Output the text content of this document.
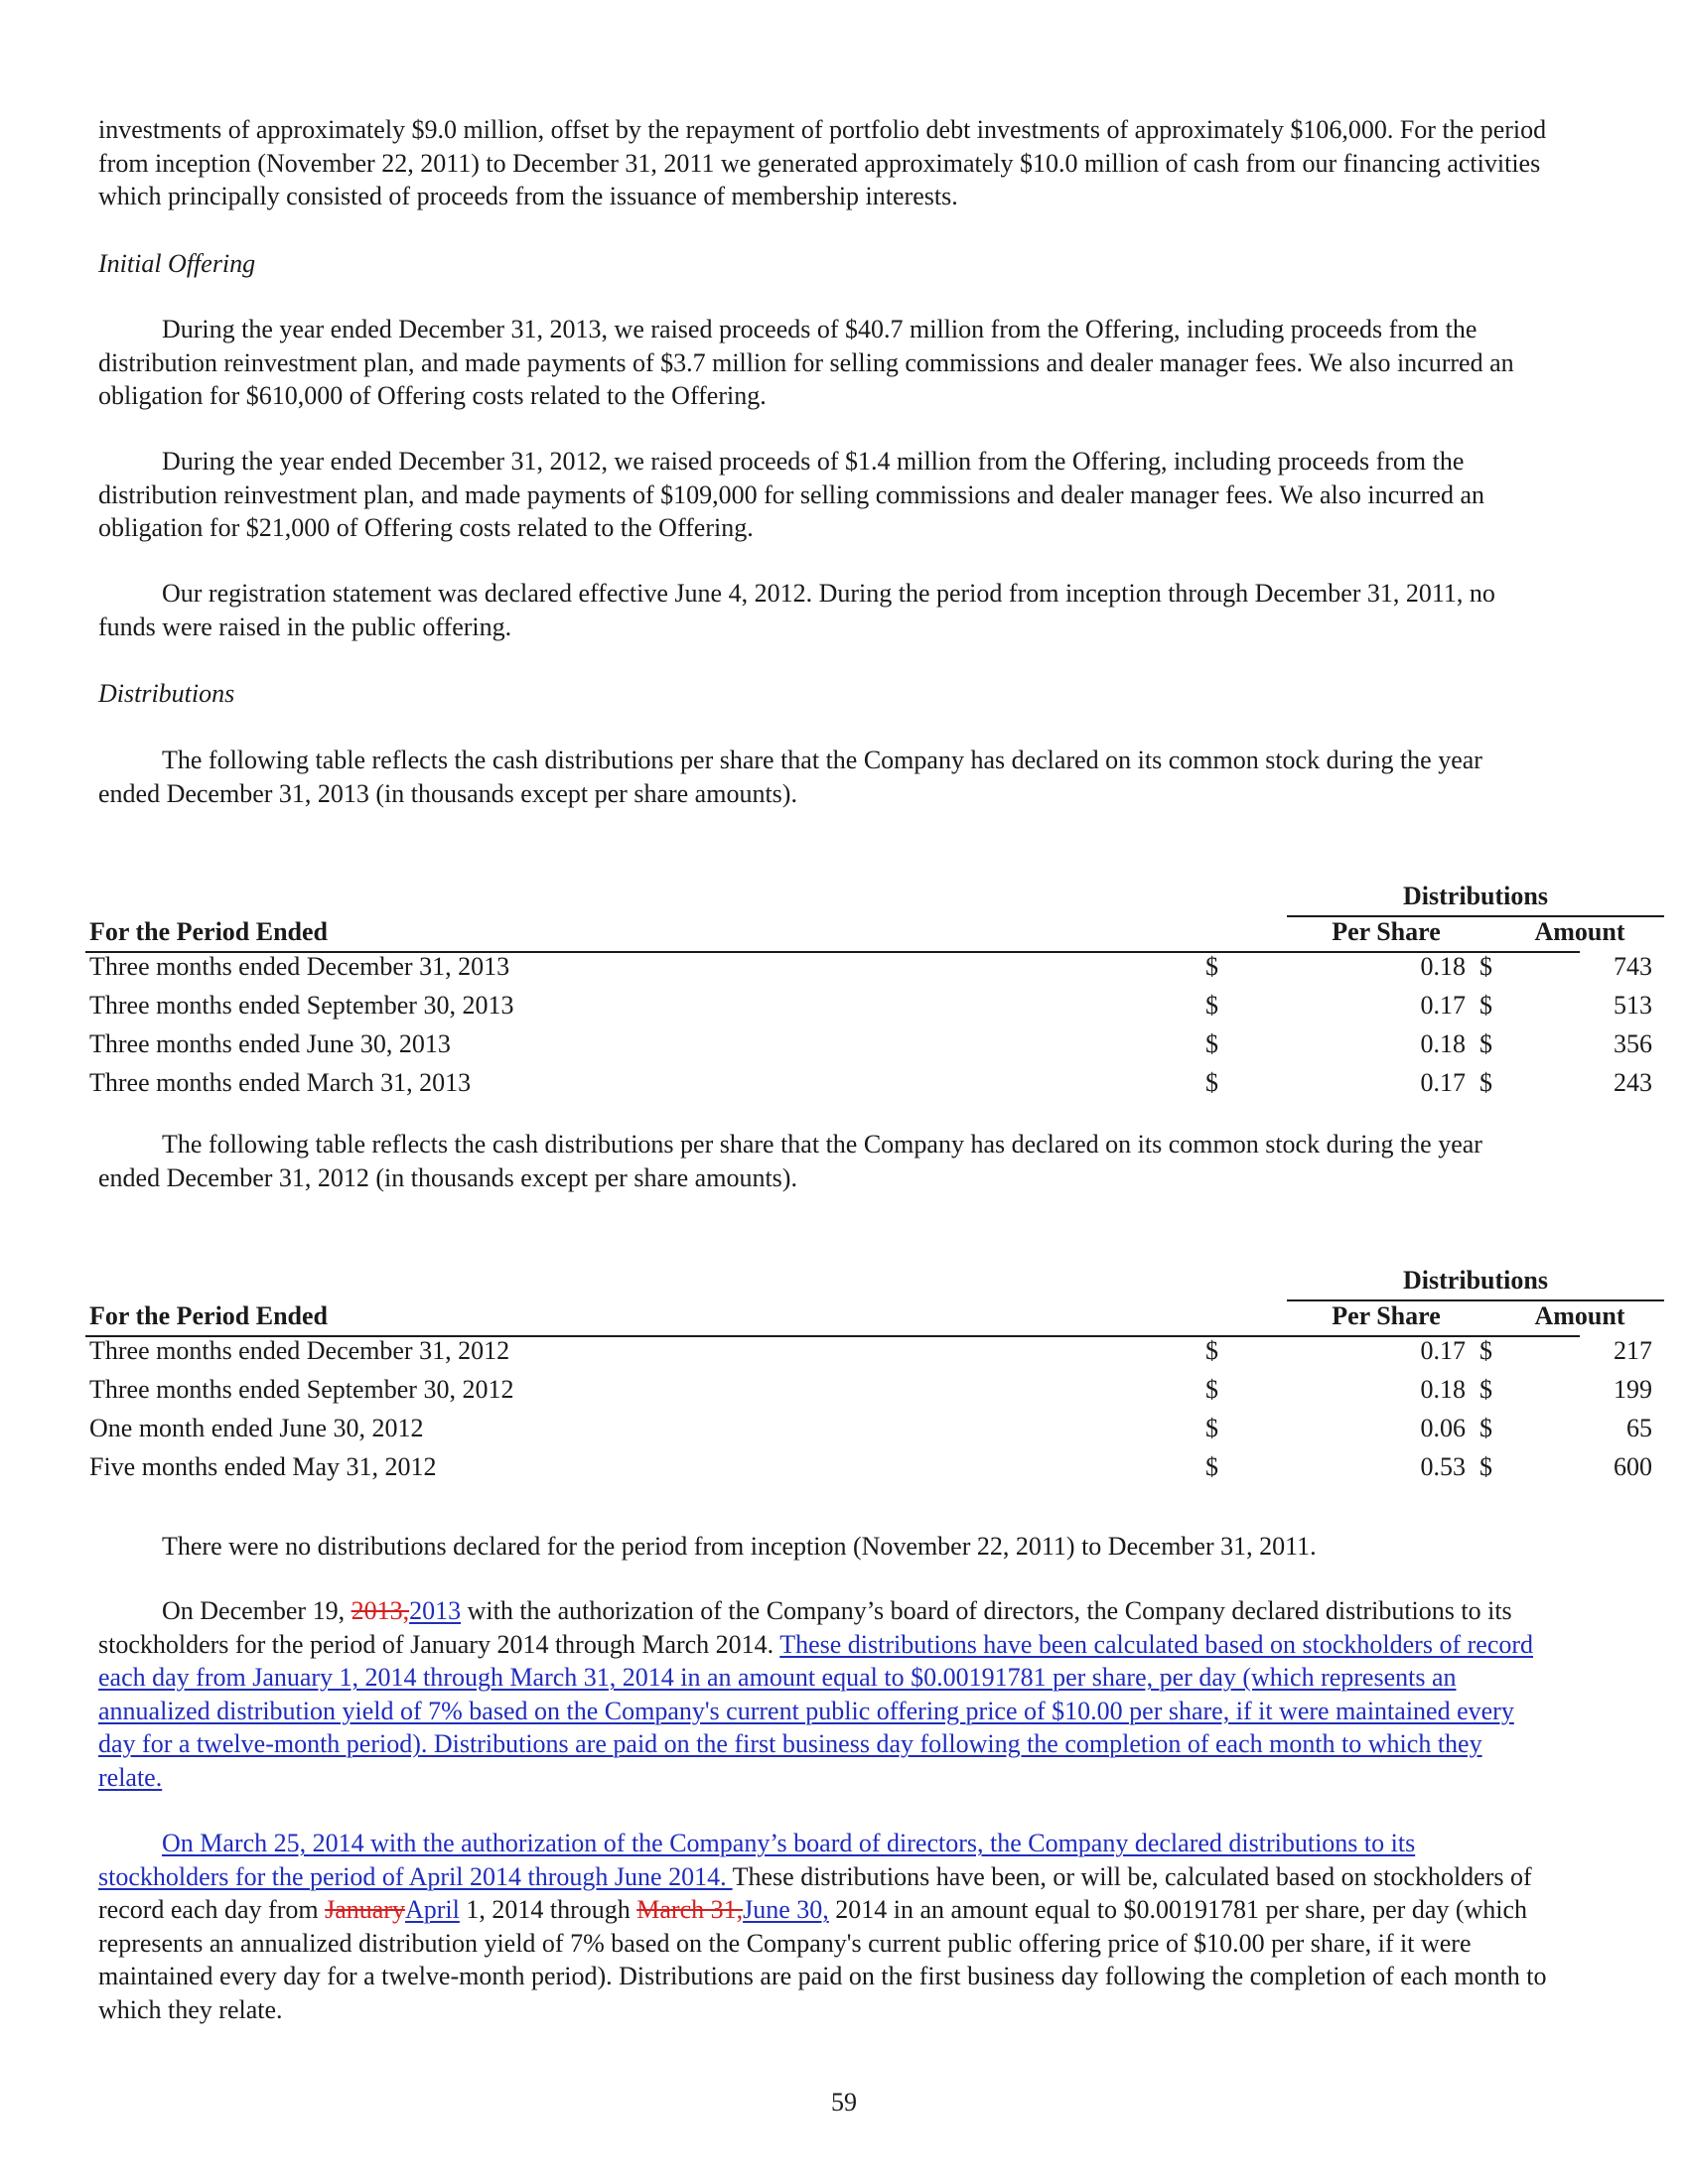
investments of approximately $9.0 million, offset by the repayment of portfolio debt investments of approximately $106,000. For the period from inception (November 22, 2011) to December 31, 2011 we generated approximately $10.0 million of cash from our financing activities which principally consisted of proceeds from the issuance of membership interests.

Initial Offering

During the year ended December 31, 2013, we raised proceeds of $40.7 million from the Offering, including proceeds from the distribution reinvestment plan, and made payments of $3.7 million for selling commissions and dealer manager fees. We also incurred an obligation for $610,000 of Offering costs related to the Offering.

During the year ended December 31, 2012, we raised proceeds of $1.4 million from the Offering, including proceeds from the distribution reinvestment plan, and made payments of $109,000 for selling commissions and dealer manager fees. We also incurred an obligation for $21,000 of Offering costs related to the Offering.

Our registration statement was declared effective June 4, 2012. During the period from inception through December 31, 2011, no funds were raised in the public offering.

Distributions

The following table reflects the cash distributions per share that the Company has declared on its common stock during the year ended December 31, 2013 (in thousands except per share amounts).

Distributions
For the Period Ended	Per Share	Amount
Three months ended December 31, 2013	$	0.18 $	743
Three months ended September 30, 2013	$	0.17 $	513
Three months ended June 30, 2013	$	0.18 $	356
Three months ended March 31, 2013	$	0.17 $	243

The following table reflects the cash distributions per share that the Company has declared on its common stock during the year ended December 31, 2012 (in thousands except per share amounts).

Distributions
For the Period Ended	Per Share	Amount
Three months ended December 31, 2012	$	0.17 $	217
Three months ended September 30, 2012	$	0.18 $	199
One month ended June 30, 2012	$	0.06 $	65
Five months ended May 31, 2012	$	0.53 $	600

There were no distributions declared for the period from inception (November 22, 2011) to December 31, 2011.

On December 19, 2013,2013 with the authorization of the Company’s board of directors, the Company declared distributions to its stockholders for the period of January 2014 through March 2014. These distributions have been calculated based on stockholders of record each day from January 1, 2014 through March 31, 2014 in an amount equal to $0.00191781 per share, per day (which represents an annualized distribution yield of 7% based on the Company's current public offering price of $10.00 per share, if it were maintained every day for a twelve-month period). Distributions are paid on the first business day following the completion of each month to which they relate.

On March 25, 2014 with the authorization of the Company’s board of directors, the Company declared distributions to its stockholders for the period of April 2014 through June 2014. These distributions have been, or will be, calculated based on stockholders of record each day from JanuaryApril 1, 2014 through March 31,June 30, 2014 in an amount equal to $0.00191781 per share, per day (which represents an annualized distribution yield of 7% based on the Company's current public offering price of $10.00 per share, if it were maintained every day for a twelve-month period). Distributions are paid on the first business day following the completion of each month to which they relate.

59
